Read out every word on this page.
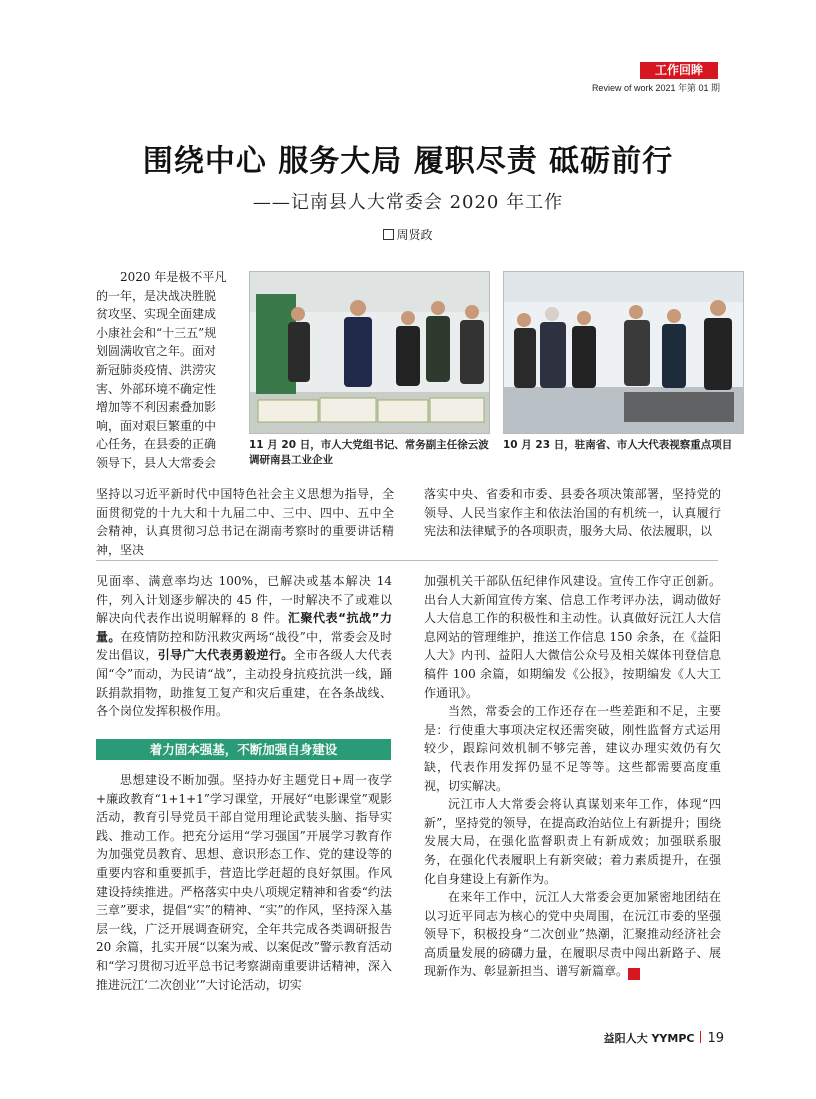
工作回眸
Review of work 2021 年第 01 期
围绕中心 服务大局 履职尽责 砥砺前行
——记南县人大常委会 2020 年工作
周贤政
2020 年是极不平凡
的一年，是决战决胜脱
贫攻坚、实现全面建成
小康社会和“十三五”规
划圆满收官之年。面对
新冠肺炎疫情、洪涝灾
害、外部环境不确定性
增加等不利因素叠加影
响，面对艰巨繁重的中
心任务，在县委的正确
领导下，县人大常委会
11 月 20 日，市人大党组书记、常务副主任徐云波调研南县工业企业
10 月 23 日，驻南省、市人大代表视察重点项目
坚持以习近平新时代中国特色社会主义思想为指导，全面贯彻党的十九大和十九届二中、三中、四中、五中全会精神，认真贯彻习总书记在湖南考察时的重要讲话精神，坚决
落实中央、省委和市委、县委各项决策部署，坚持党的领导、人民当家作主和依法治国的有机统一，认真履行宪法和法律赋予的各项职责，服务大局、依法履职，以

见面率、满意率均达 100%，已解决或基本解决 14 件，列入计划逐步解决的 45 件，一时解决不了或难以解决向代表作出说明解释的 8 件。汇聚代表“抗战”力量。在疫情防控和防汛救灾两场“战役”中，常委会及时发出倡议，引导广大代表勇毅逆行。全市各级人大代表闻“令”而动，为民请“战”，主动投身抗疫抗洪一线，踊跃捐款捐物，助推复工复产和灾后重建，在各条战线、各个岗位发挥积极作用。

着力固本强基，不断加强自身建设

思想建设不断加强。坚持办好主题党日+周一夜学+廉政教育“1+1+1”学习课堂，开展好“电影课堂”观影活动，教育引导党员干部自觉用理论武装头脑、指导实践、推动工作。把充分运用“学习强国”开展学习教育作为加强党员教育、思想、意识形态工作、党的建设等的重要内容和重要抓手，营造比学赶超的良好氛围。作风建设持续推进。严格落实中央八项规定精神和省委“约法三章”要求，提倡“实”的精神、“实”的作风，坚持深入基层一线，广泛开展调查研究，全年共完成各类调研报告 20 余篇，扎实开展“以案为戒、以案促改”警示教育活动和“学习贯彻习近平总书记考察湖南重要讲话精神，深入推进沅江‘二次创业’”大讨论活动，切实

加强机关干部队伍纪律作风建设。宣传工作守正创新。出台人大新闻宣传方案、信息工作考评办法，调动做好人大信息工作的积极性和主动性。认真做好沅江人大信息网站的管理维护，推送工作信息 150 余条，在《益阳人大》内刊、益阳人大微信公众号及相关媒体刊登信息稿件 100 余篇，如期编发《公报》，按期编发《人大工作通讯》。

当然，常委会的工作还存在一些差距和不足，主要是：行使重大事项决定权还需突破，刚性监督方式运用较少，跟踪问效机制不够完善，建议办理实效仍有欠缺，代表作用发挥仍显不足等等。这些都需要高度重视，切实解决。

沅江市人大常委会将认真谋划来年工作，体现“四新”，坚持党的领导，在提高政治站位上有新提升；围绕发展大局，在强化监督职责上有新成效；加强联系服务，在强化代表履职上有新突破；着力素质提升，在强化自身建设上有新作为。

在来年工作中，沅江人大常委会更加紧密地团结在以习近平同志为核心的党中央周围，在沅江市委的坚强领导下，积极投身“二次创业”热潮，汇聚推动经济社会高质量发展的磅礴力量，在履职尽责中闯出新路子、展现新作为、彰显新担当、谱写新篇章。	文

益阳人大 YYMPC 19
